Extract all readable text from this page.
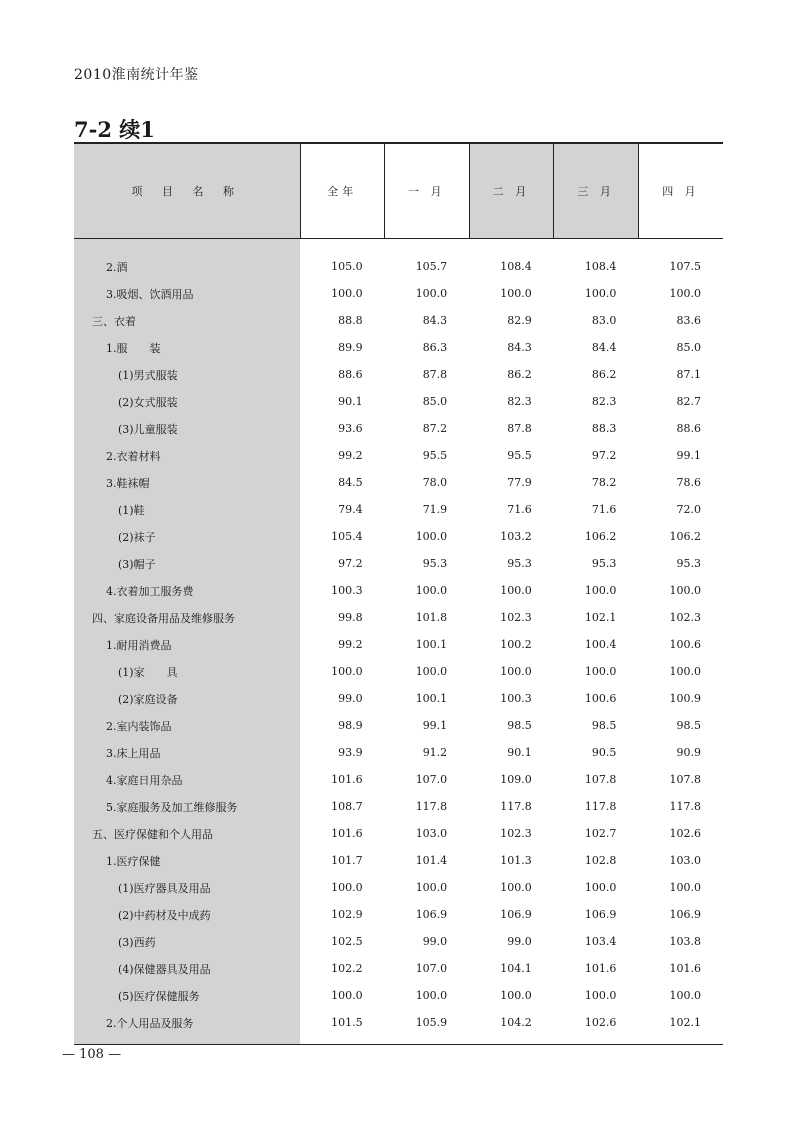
2010淮南统计年鉴
7-2 续1
项 目 名 称	全年	一 月	二 月	三 月	四 月
2.酒	105.0	105.7	108.4	108.4	107.5
3.吸烟、饮酒用品	100.0	100.0	100.0	100.0	100.0
三、衣着	88.8	84.3	82.9	83.0	83.6
1.服　　装	89.9	86.3	84.3	84.4	85.0
(1)男式服装	88.6	87.8	86.2	86.2	87.1
(2)女式服装	90.1	85.0	82.3	82.3	82.7
(3)儿童服装	93.6	87.2	87.8	88.3	88.6
2.衣着材料	99.2	95.5	95.5	97.2	99.1
3.鞋袜帽	84.5	78.0	77.9	78.2	78.6
(1)鞋	79.4	71.9	71.6	71.6	72.0
(2)袜子	105.4	100.0	103.2	106.2	106.2
(3)帽子	97.2	95.3	95.3	95.3	95.3
4.衣着加工服务费	100.3	100.0	100.0	100.0	100.0
四、家庭设备用品及维修服务	99.8	101.8	102.3	102.1	102.3
1.耐用消费品	99.2	100.1	100.2	100.4	100.6
(1)家　　具	100.0	100.0	100.0	100.0	100.0
(2)家庭设备	99.0	100.1	100.3	100.6	100.9
2.室内装饰品	98.9	99.1	98.5	98.5	98.5
3.床上用品	93.9	91.2	90.1	90.5	90.9
4.家庭日用杂品	101.6	107.0	109.0	107.8	107.8
5.家庭服务及加工维修服务	108.7	117.8	117.8	117.8	117.8
五、医疗保健和个人用品	101.6	103.0	102.3	102.7	102.6
1.医疗保健	101.7	101.4	101.3	102.8	103.0
(1)医疗器具及用品	100.0	100.0	100.0	100.0	100.0
(2)中药材及中成药	102.9	106.9	106.9	106.9	106.9
(3)西药	102.5	99.0	99.0	103.4	103.8
(4)保健器具及用品	102.2	107.0	104.1	101.6	101.6
(5)医疗保健服务	100.0	100.0	100.0	100.0	100.0
2.个人用品及服务	101.5	105.9	104.2	102.6	102.1
— 108 —
